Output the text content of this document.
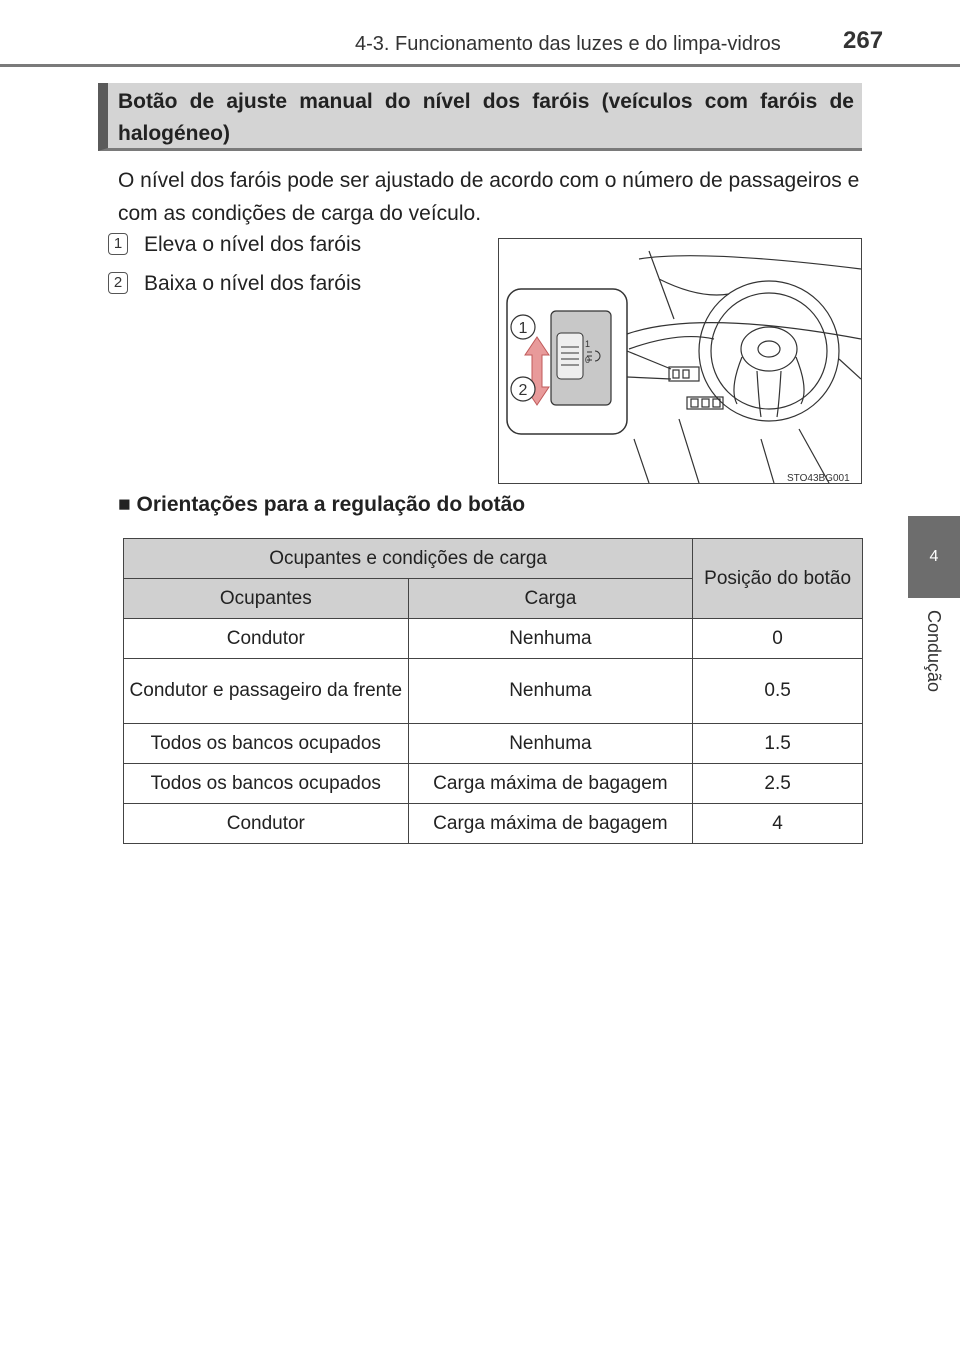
4-3. Funcionamento das luzes e do limpa-vidros	267
4
Condução
Botão de ajuste manual do nível dos faróis (veículos com faróis de halogéneo)
O nível dos faróis pode ser ajustado de acordo com o número de passageiros e com as condições de carga do veículo.
1 Eleva o nível dos faróis
2 Baixa o nível dos faróis
1
0
1
2
STO43BG001
■ Orientações para a regulação do botão
Ocupantes e condições de carga		Posição do botão
Ocupantes	Carga	
Condutor	Nenhuma	0
Condutor e passageiro da frente	Nenhuma	0.5
Todos os bancos ocupados	Nenhuma	1.5
Todos os bancos ocupados	Carga máxima de bagagem	2.5
Condutor	Carga máxima de bagagem	4
